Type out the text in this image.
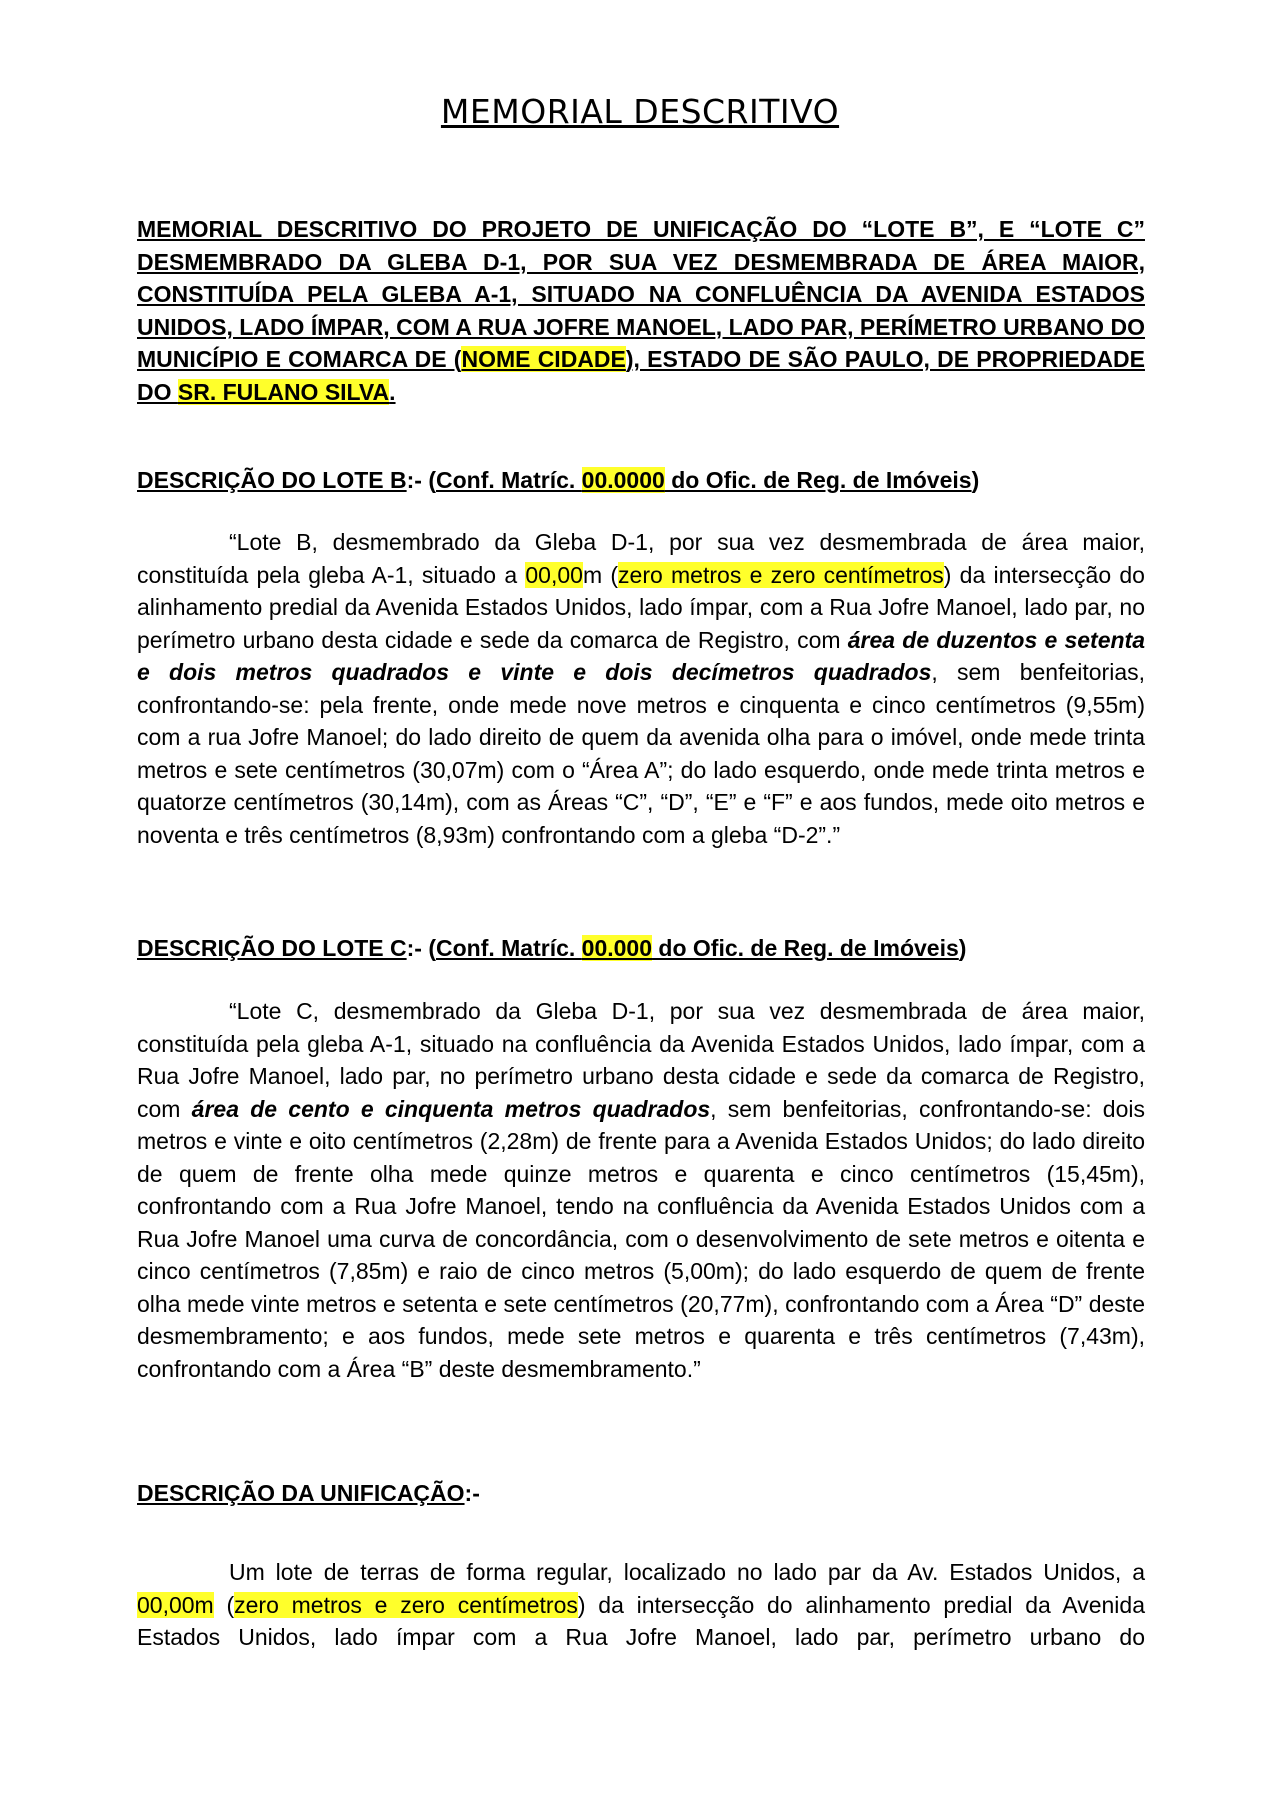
MEMORIAL DESCRITIVO
MEMORIAL DESCRITIVO DO PROJETO DE UNIFICAÇÃO DO “LOTE B”, E “LOTE C” DESMEMBRADO DA GLEBA D-1, POR SUA VEZ DESMEMBRADA DE ÁREA MAIOR, CONSTITUÍDA PELA GLEBA A-1, SITUADO NA CONFLUÊNCIA DA AVENIDA ESTADOS UNIDOS, LADO ÍMPAR, COM A RUA JOFRE MANOEL, LADO PAR, PERÍMETRO URBANO DO MUNICÍPIO E COMARCA DE (NOME CIDADE), ESTADO DE SÃO PAULO, DE PROPRIEDADE DO SR. FULANO SILVA.
DESCRIÇÃO DO LOTE B:- (Conf. Matríc. 00.0000 do Ofic. de Reg. de Imóveis)
“Lote B, desmembrado da Gleba D-1, por sua vez desmembrada de área maior, constituída pela gleba A-1, situado a 00,00m (zero metros e zero centímetros) da intersecção do alinhamento predial da Avenida Estados Unidos, lado ímpar, com a Rua Jofre Manoel, lado par, no perímetro urbano desta cidade e sede da comarca de Registro, com área de duzentos e setenta e dois metros quadrados e vinte e dois decímetros quadrados, sem benfeitorias, confrontando-se: pela frente, onde mede nove metros e cinquenta e cinco centímetros (9,55m) com a rua Jofre Manoel; do lado direito de quem da avenida olha para o imóvel, onde mede trinta metros e sete centímetros (30,07m) com o “Área A”; do lado esquerdo, onde mede trinta metros e quatorze centímetros (30,14m), com as Áreas “C”, “D”, “E” e “F” e aos fundos, mede oito metros e noventa e três centímetros (8,93m) confrontando com a gleba “D-2”.”
DESCRIÇÃO DO LOTE C:- (Conf. Matríc. 00.000 do Ofic. de Reg. de Imóveis)
“Lote C, desmembrado da Gleba D-1, por sua vez desmembrada de área maior, constituída pela gleba A-1, situado na confluência da Avenida Estados Unidos, lado ímpar, com a Rua Jofre Manoel, lado par, no perímetro urbano desta cidade e sede da comarca de Registro, com área de cento e cinquenta metros quadrados, sem benfeitorias, confrontando-se: dois metros e vinte e oito centímetros (2,28m) de frente para a Avenida Estados Unidos; do lado direito de quem de frente olha mede quinze metros e quarenta e cinco centímetros (15,45m), confrontando com a Rua Jofre Manoel, tendo na confluência da Avenida Estados Unidos com a Rua Jofre Manoel uma curva de concordância, com o desenvolvimento de sete metros e oitenta e cinco centímetros (7,85m) e raio de cinco metros (5,00m); do lado esquerdo de quem de frente olha mede vinte metros e setenta e sete centímetros (20,77m), confrontando com a Área “D” deste desmembramento; e aos fundos, mede sete metros e quarenta e três centímetros (7,43m), confrontando com a Área “B” deste desmembramento.”
DESCRIÇÃO DA UNIFICAÇÃO:-
Um lote de terras de forma regular, localizado no lado par da Av. Estados Unidos, a 00,00m (zero metros e zero centímetros) da intersecção do alinhamento predial da Avenida Estados Unidos, lado ímpar com a Rua Jofre Manoel, lado par, perímetro urbano do
